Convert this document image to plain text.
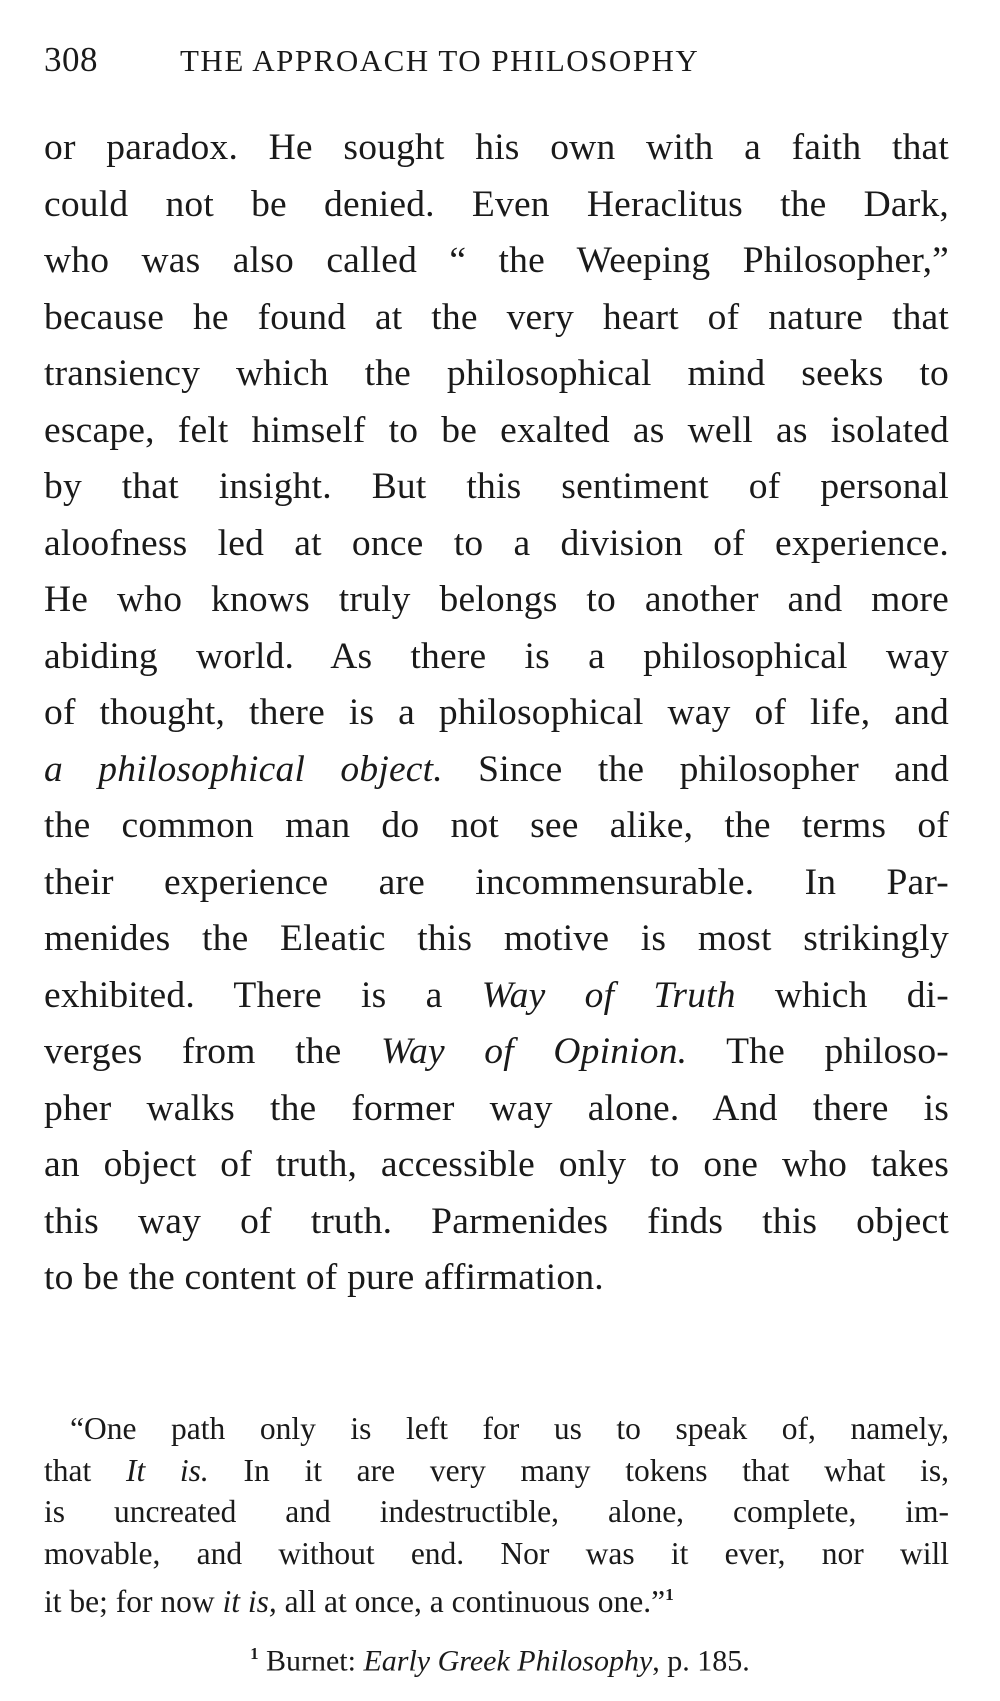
308	THE APPROACH TO PHILOSOPHY
or paradox. He sought his own with a faith that
could not be denied. Even Heraclitus the Dark,
who was also called “ the Weeping Philosopher,”
because he found at the very heart of nature that
transiency which the philosophical mind seeks to
escape, felt himself to be exalted as well as isolated
by that insight. But this sentiment of personal
aloofness led at once to a division of experience.
He who knows truly belongs to another and more
abiding world. As there is a philosophical way
of thought, there is a philosophical way of life, and
a philosophical object. Since the philosopher and
the common man do not see alike, the terms of
their experience are incommensurable. In Par-
menides the Eleatic this motive is most strikingly
exhibited. There is a Way of Truth which di-
verges from the Way of Opinion. The philoso-
pher walks the former way alone. And there is
an object of truth, accessible only to one who takes
this way of truth. Parmenides finds this object
to be the content of pure affirmation.
“One path only is left for us to speak of, namely,
that It is. In it are very many tokens that what is,
is uncreated and indestructible, alone, complete, im-
movable, and without end. Nor was it ever, nor will
it be; for now it is, all at once, a continuous one.”$^1$
$^1$ Burnet: Early Greek Philosophy, p. 185.
